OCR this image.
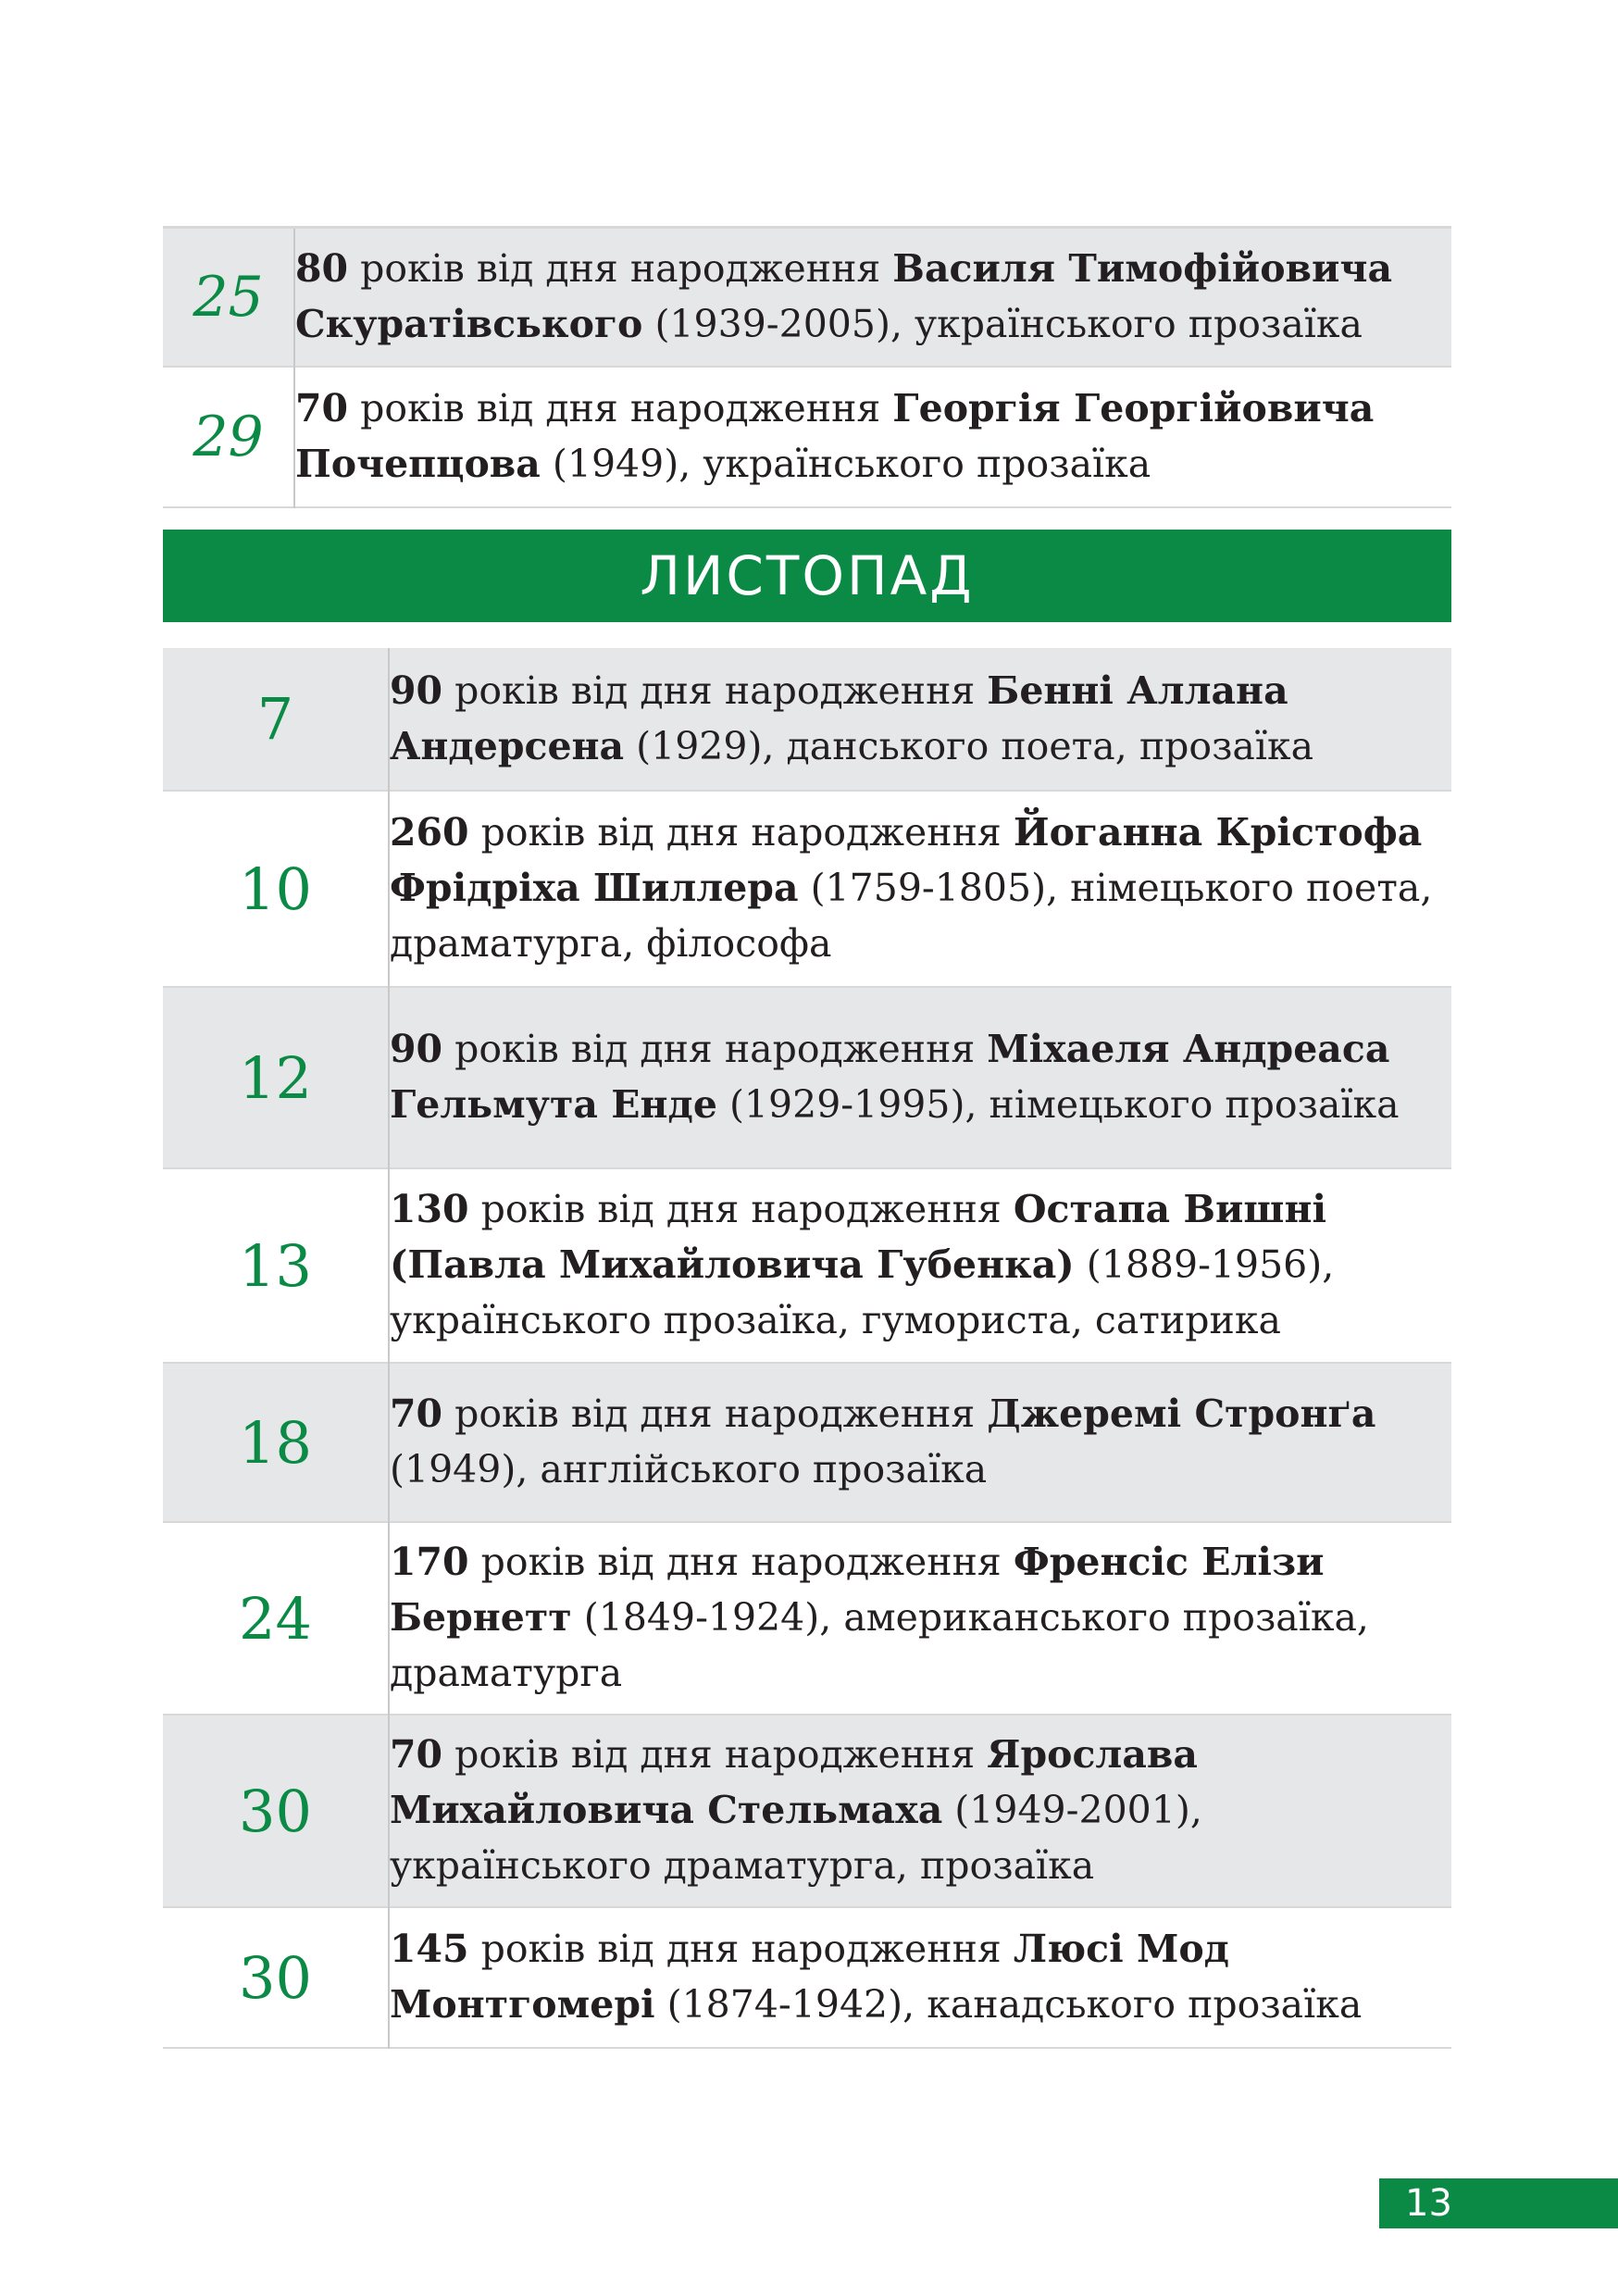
25	80 років від дня народження Василя Тимофійовича Скуратівського (1939-2005), українського прозаїка

29	70 років від дня народження Георгія Георгійовича Почепцова (1949), українського прозаїка
ЛИСТОПАД
7	90 років від дня народження Бенні Аллана Андерсена (1929), данського поета, прозаїка

10	260 років від дня народження Йоганна Крістофа Фрідріха Шиллера (1759-1805), німецького поета, драматурга, філософа

12	90 років від дня народження Міхаеля Андреаса Гельмута Енде (1929-1995), німецького прозаїка

13	130 років від дня народження Остапа Вишні (Павла Михайловича Губенка) (1889-1956), українського прозаїка, гумориста, сатирика

18	70 років від дня народження Джеремі Стронґа (1949), англійського прозаїка

24	170 років від дня народження Френсіс Елізи Бернетт (1849-1924), американського прозаїка, драматурга

30	70 років від дня народження Ярослава Михайловича Стельмаха (1949-2001), українського драматурга, прозаїка

30	145 років від дня народження Люсі Мод Монтгомері (1874-1942), канадського прозаїка
13
